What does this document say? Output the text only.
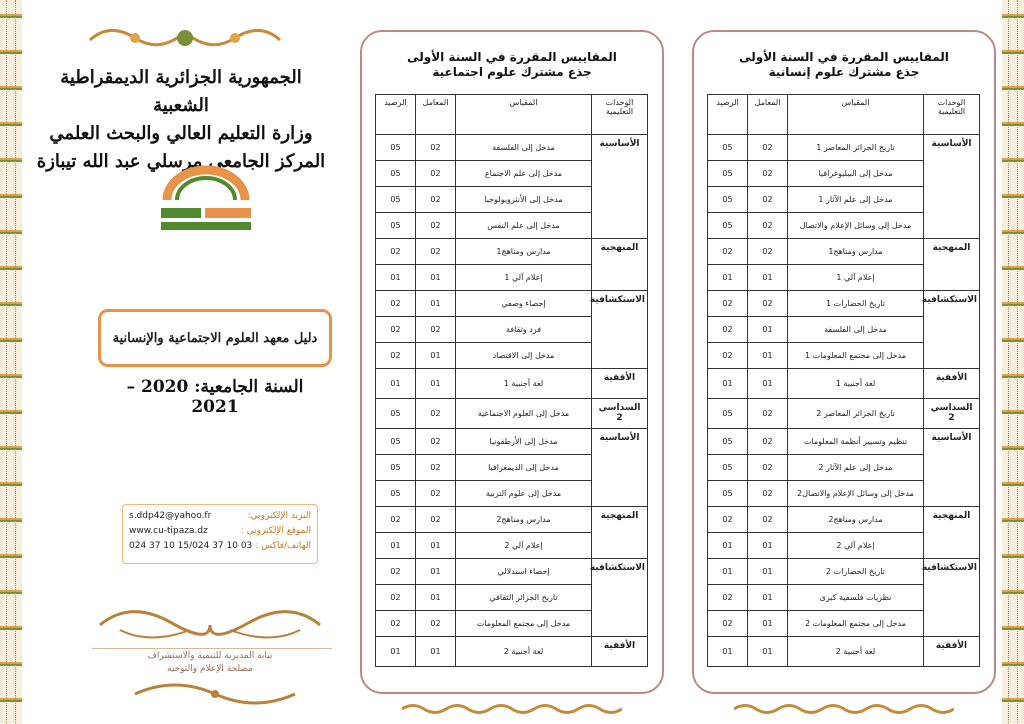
الجمهورية الجزائرية الديمقراطية الشعبية
وزارة التعليم العالي والبحث العلمي
المركز الجامعي مرسلي عبد الله تيبازة
دليل معهد العلوم الاجتماعية والإنسانية
السنة الجامعية: 2020 – 2021
s.ddp42@yahoo.fr	البريد الإلكتروني:
www.cu-tipaza.dz	الموقع الإلكتروني :
024 37 10 15/024 37 10 03 الهاتف/فاكس :
نيابة المديرية للتنمية والاستشراف
مصلحة الإعلام والتوجيه
المقاييس المقررة في السنة الأولى
جذع مشترك علوم اجتماعية
الوحدات التعليمية	المقياس	المعامل	الرصيد
الأساسية	مدخل إلى الفلسفة	02	05
	مدخل إلى علم الاجتماع	02	05
	مدخل إلى الأنثروبولوجيا	02	05
	مدخل إلى علم النفس	02	05
المنهجية	مدارس ومناهج1	02	02
	إعلام آلي 1	01	01
الاستكشافية	إحصاء وصفي	01	02
	فرد وثقافة	02	02
	مدخل إلى الاقتصاد	01	02
الأفقية	لغة أجنبية 1	01	01
السداسي 2	مدخل إلى العلوم الاجتماعية	02	05
الأساسية	مدخل إلى الأرطفونيا	02	05
	مدخل إلى الديمغرافيا	02	05
	مدخل إلى علوم التربية	02	05
المنهجية	مدارس ومناهج2	02	02
	إعلام آلي 2	01	01
الاستكشافية	إحصاء استدلالي	01	02
	تاريخ الجزائر الثقافي	01	02
	مدخل إلى مجتمع المعلومات	02	02
الأفقية	لغة أجنبية 2	01	01
المقاييس المقررة في السنة الأولى
جذع مشترك علوم إنسانية
الوحدات التعليمية	المقياس	المعامل	الرصيد
الأساسية	تاريخ الجزائر المعاصر 1	02	05
	مدخل إلى الببليوغرافيا	02	05
	مدخل إلى علم الآثار 1	02	05
	مدخل إلى وسائل الإعلام والاتصال	02	05
المنهجية	مدارس ومناهج1	02	02
	إعلام آلي 1	01	01
الاستكشافية	تاريخ الحضارات 1	02	02
	مدخل إلى الفلسفة	01	02
	مدخل إلى مجتمع المعلومات 1	01	02
الأفقية	لغة أجنبية 1	01	01
السداسي 2	تاريخ الجزائر المعاصر 2	02	05
الأساسية	تنظيم وتسيير أنظمة المعلومات	02	05
	مدخل إلى علم الآثار 2	02	05
	مدخل إلى وسائل الإعلام والاتصال2	02	05
المنهجية	مدارس ومناهج2	02	02
	إعلام آلي 2	01	01
الاستكشافية	تاريخ الحضارات 2	01	01
	نظريات فلسفية كبرى	01	02
	مدخل إلى مجتمع المعلومات 2	01	02
الأفقية	لغة أجنبية 2	01	01
